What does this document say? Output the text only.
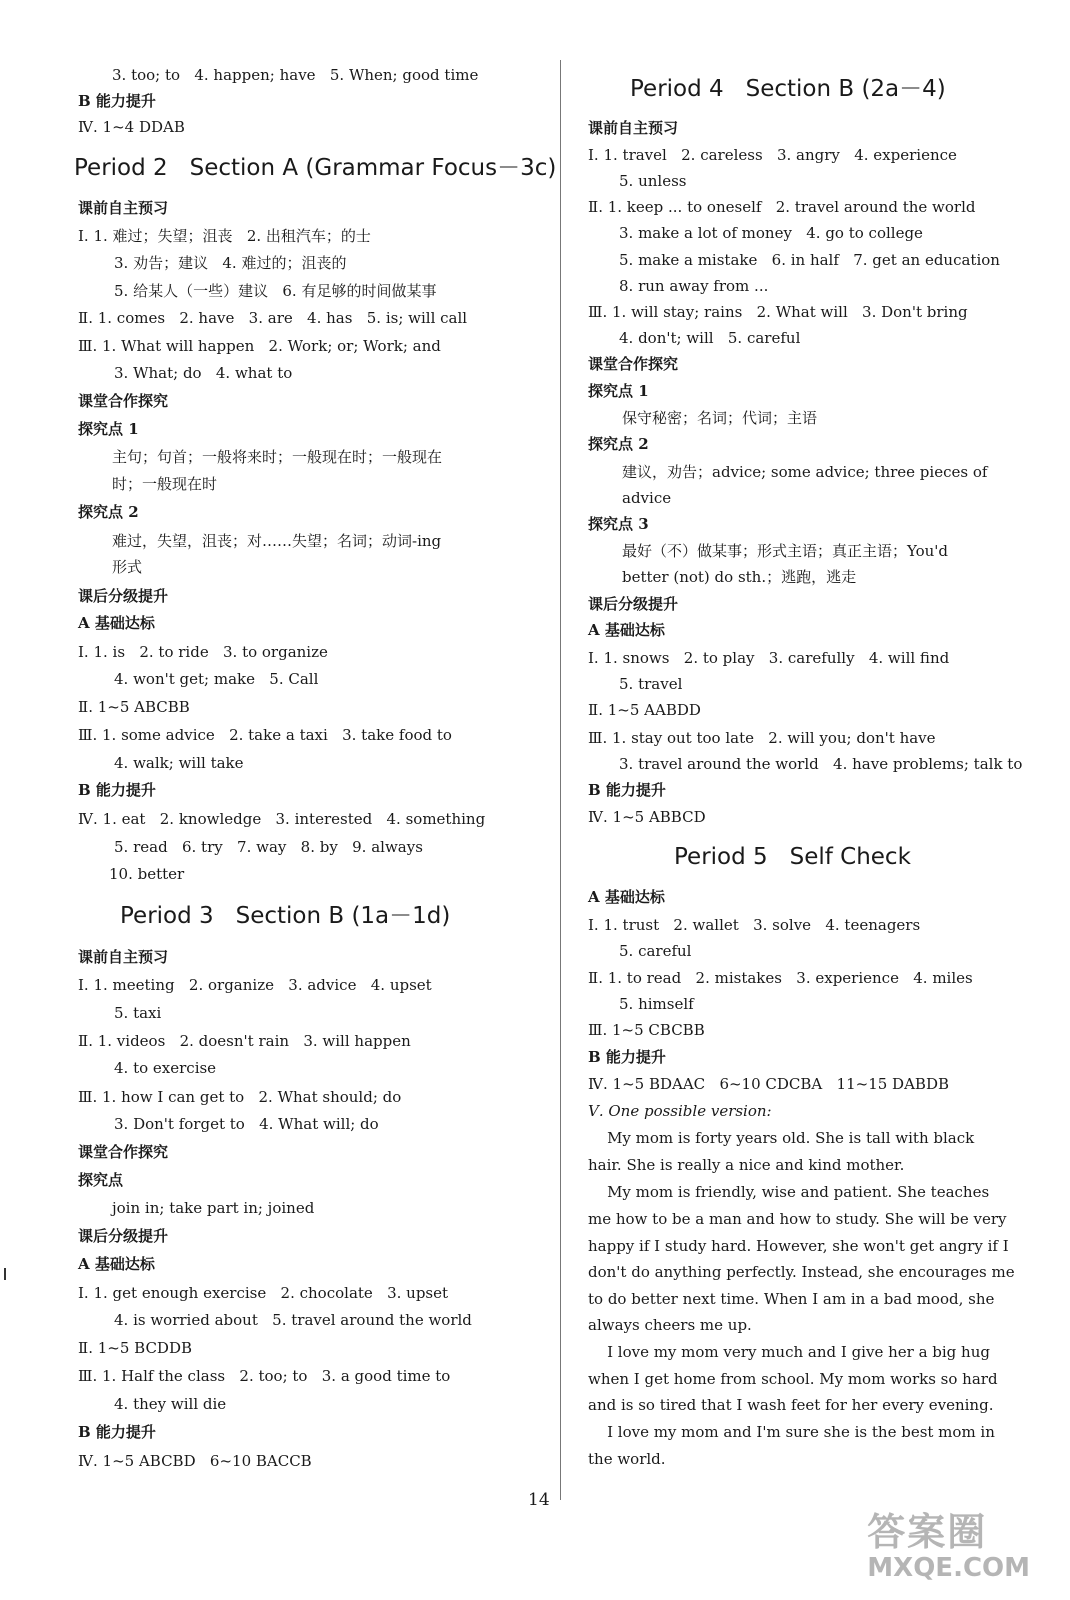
3. too; to   4. happen; have   5. When; good time
B 能力提升
Ⅳ. 1~4 DDAB
Period 2   Section A (Grammar Focus－3c)
课前自主预习
Ⅰ. 1. 难过；失望；沮丧   2. 出租汽车；的士
3. 劝告；建议   4. 难过的；沮丧的
5. 给某人（一些）建议   6. 有足够的时间做某事
Ⅱ. 1. comes   2. have   3. are   4. has   5. is; will call
Ⅲ. 1. What will happen   2. Work; or; Work; and
3. What; do   4. what to
课堂合作探究
探究点 1
主句；句首；一般将来时；一般现在时；一般现在
时；一般现在时
探究点 2
难过，失望，沮丧；对……失望；名词；动词-ing
形式
课后分级提升
A 基础达标
Ⅰ. 1. is   2. to ride   3. to organize
4. won't get; make   5. Call
Ⅱ. 1~5 ABCBB
Ⅲ. 1. some advice   2. take a taxi   3. take food to
4. walk; will take
B 能力提升
Ⅳ. 1. eat   2. knowledge   3. interested   4. something
5. read   6. try   7. way   8. by   9. always
10. better
Period 3   Section B (1a－1d)
课前自主预习
Ⅰ. 1. meeting   2. organize   3. advice   4. upset
5. taxi
Ⅱ. 1. videos   2. doesn't rain   3. will happen
4. to exercise
Ⅲ. 1. how I can get to   2. What should; do
3. Don't forget to   4. What will; do
课堂合作探究
探究点
join in; take part in; joined
课后分级提升
A 基础达标
Ⅰ. 1. get enough exercise   2. chocolate   3. upset
4. is worried about   5. travel around the world
Ⅱ. 1~5 BCDDB
Ⅲ. 1. Half the class   2. too; to   3. a good time to
4. they will die
B 能力提升
Ⅳ. 1~5 ABCBD   6~10 BACCB
Period 4   Section B (2a－4)
课前自主预习
Ⅰ. 1. travel   2. careless   3. angry   4. experience
5. unless
Ⅱ. 1. keep ... to oneself   2. travel around the world
3. make a lot of money   4. go to college
5. make a mistake   6. in half   7. get an education
8. run away from ...
Ⅲ. 1. will stay; rains   2. What will   3. Don't bring
4. don't; will   5. careful
课堂合作探究
探究点 1
保守秘密；名词；代词；主语
探究点 2
建议，劝告；advice; some advice; three pieces of
advice
探究点 3
最好（不）做某事；形式主语；真正主语；You'd
better (not) do sth.；逃跑，逃走
课后分级提升
A 基础达标
Ⅰ. 1. snows   2. to play   3. carefully   4. will find
5. travel
Ⅱ. 1~5 AABDD
Ⅲ. 1. stay out too late   2. will you; don't have
3. travel around the world   4. have problems; talk to
B 能力提升
Ⅳ. 1~5 ABBCD
Period 5   Self Check
A 基础达标
Ⅰ. 1. trust   2. wallet   3. solve   4. teenagers
5. careful
Ⅱ. 1. to read   2. mistakes   3. experience   4. miles
5. himself
Ⅲ. 1~5 CBCBB
B 能力提升
Ⅳ. 1~5 BDAAC   6~10 CDCBA   11~15 DABDB
Ⅴ. One possible version:
My mom is forty years old. She is tall with black
hair. She is really a nice and kind mother.
My mom is friendly, wise and patient. She teaches
me how to be a man and how to study. She will be very
happy if I study hard. However, she won't get angry if I
don't do anything perfectly. Instead, she encourages me
to do better next time. When I am in a bad mood, she
always cheers me up.
I love my mom very much and I give her a big hug
when I get home from school. My mom works so hard
and is so tired that I wash feet for her every evening.
I love my mom and I'm sure she is the best mom in
the world.
14
答案圈
MXQE.COM
